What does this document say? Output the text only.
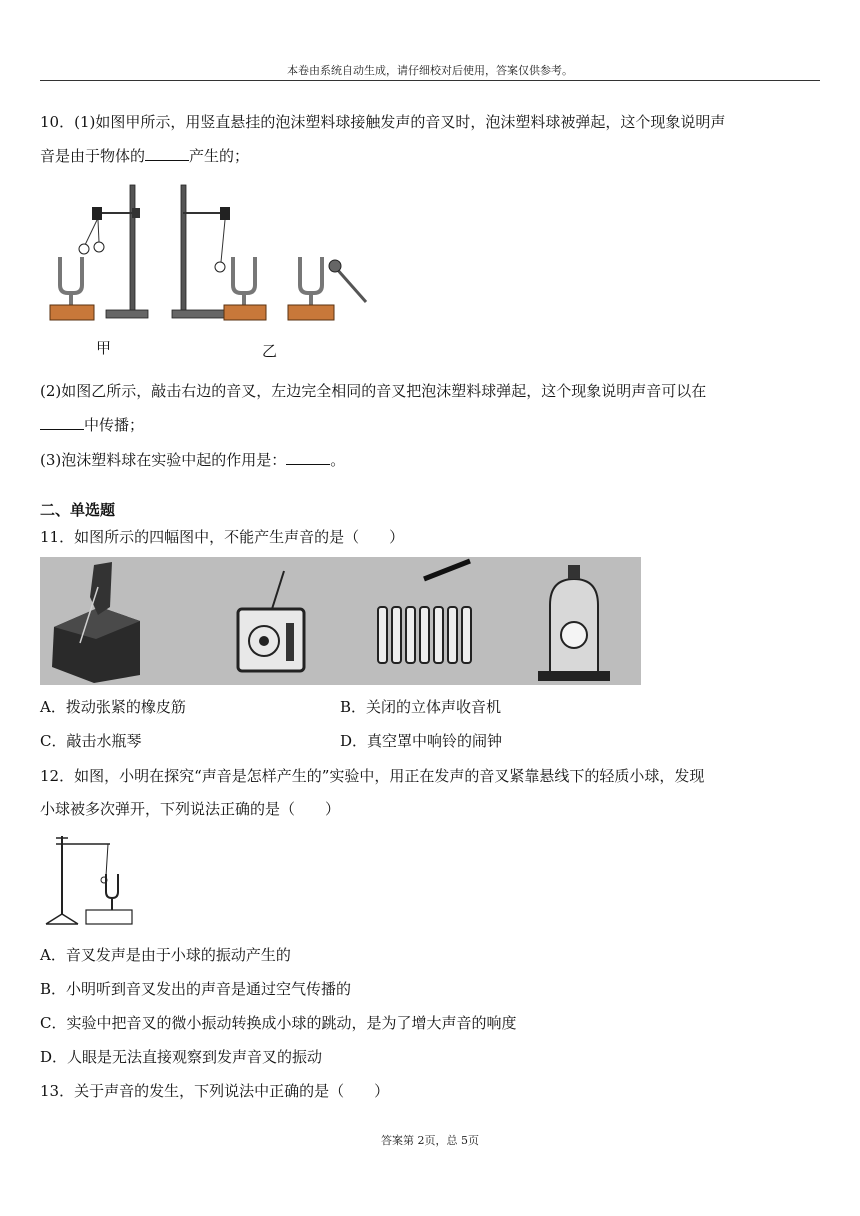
本卷由系统自动生成，请仔细校对后使用，答案仅供参考。
10．(1)如图甲所示，用竖直悬挂的泡沫塑料球接触发声的音叉时，泡沫塑料球被弹起，这个现象说明声
音是由于物体的	产生的；
甲	乙
(2)如图乙所示，敲击右边的音叉，左边完全相同的音叉把泡沫塑料球弹起，这个现象说明声音可以在
中传播；
(3)泡沫塑料球在实验中起的作用是：	。
二、单选题
11．如图所示的四幅图中，不能产生声音的是（　　）
A．拨动张紧的橡皮筋	B．关闭的立体声收音机
C．敲击水瓶琴	D．真空罩中响铃的闹钟
12．如图，小明在探究“声音是怎样产生的”实验中，用正在发声的音叉紧靠悬线下的轻质小球，发现
小球被多次弹开，下列说法正确的是（　　）
A．音叉发声是由于小球的振动产生的
B．小明听到音叉发出的声音是通过空气传播的
C．实验中把音叉的微小振动转换成小球的跳动，是为了增大声音的响度
D．人眼是无法直接观察到发声音叉的振动
13．关于声音的发生，下列说法中正确的是（　　）
答案第 2页，总 5页
